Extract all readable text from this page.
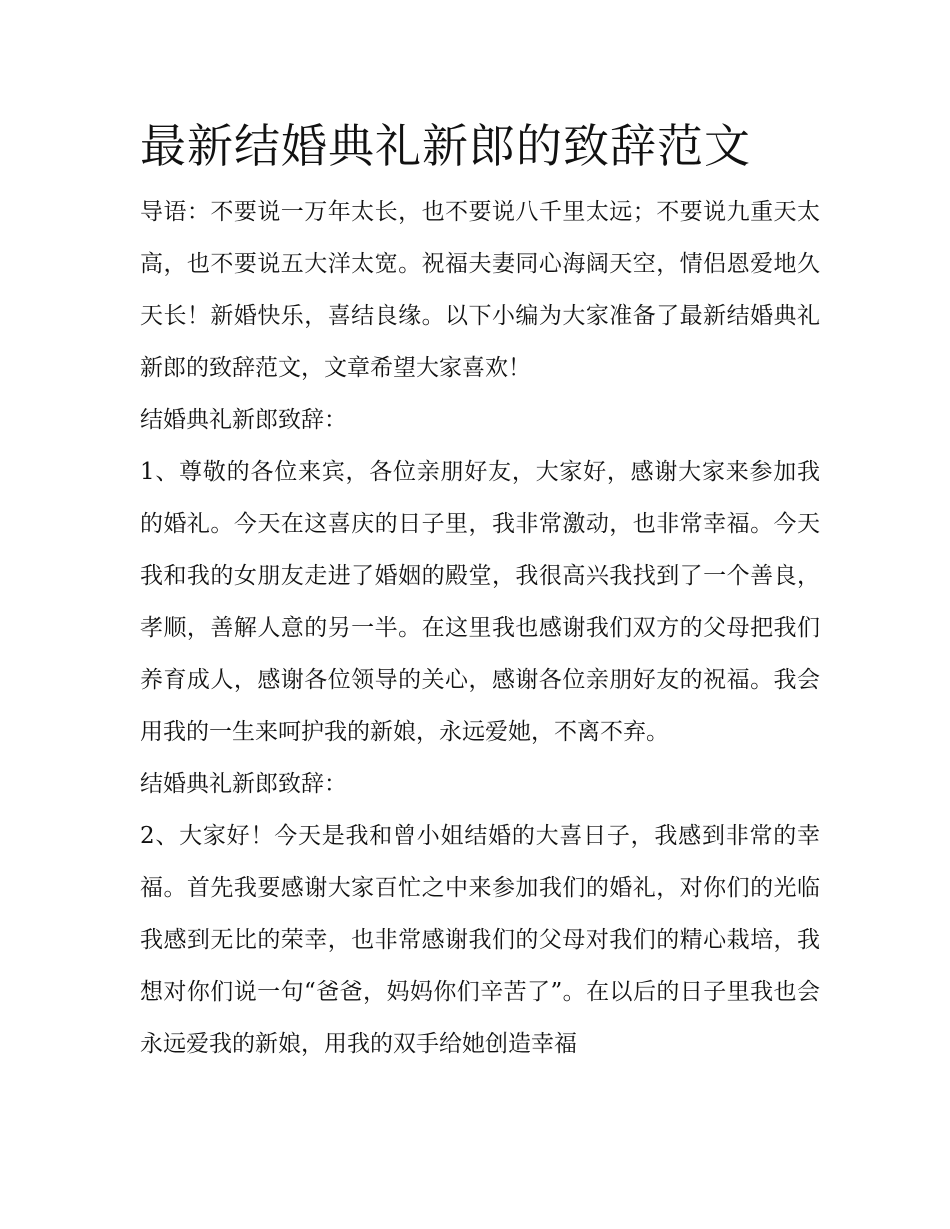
最新结婚典礼新郎的致辞范文

导语：不要说一万年太长，也不要说八千里太远；不要说九重天太高，也不要说五大洋太宽。祝福夫妻同心海阔天空，情侣恩爱地久天长！新婚快乐，喜结良缘。以下小编为大家准备了最新结婚典礼新郎的致辞范文，文章希望大家喜欢！

结婚典礼新郎致辞：

1、尊敬的各位来宾，各位亲朋好友，大家好，感谢大家来参加我的婚礼。今天在这喜庆的日子里，我非常激动，也非常幸福。今天我和我的女朋友走进了婚姻的殿堂，我很高兴我找到了一个善良，孝顺，善解人意的另一半。在这里我也感谢我们双方的父母把我们养育成人，感谢各位领导的关心，感谢各位亲朋好友的祝福。我会用我的一生来呵护我的新娘，永远爱她，不离不弃。

结婚典礼新郎致辞：

2、大家好！今天是我和曾小姐结婚的大喜日子，我感到非常的幸福。首先我要感谢大家百忙之中来参加我们的婚礼，对你们的光临我感到无比的荣幸，也非常感谢我们的父母对我们的精心栽培，我想对你们说一句“爸爸，妈妈你们辛苦了”。在以后的日子里我也会永远爱我的新娘，用我的双手给她创造幸福
